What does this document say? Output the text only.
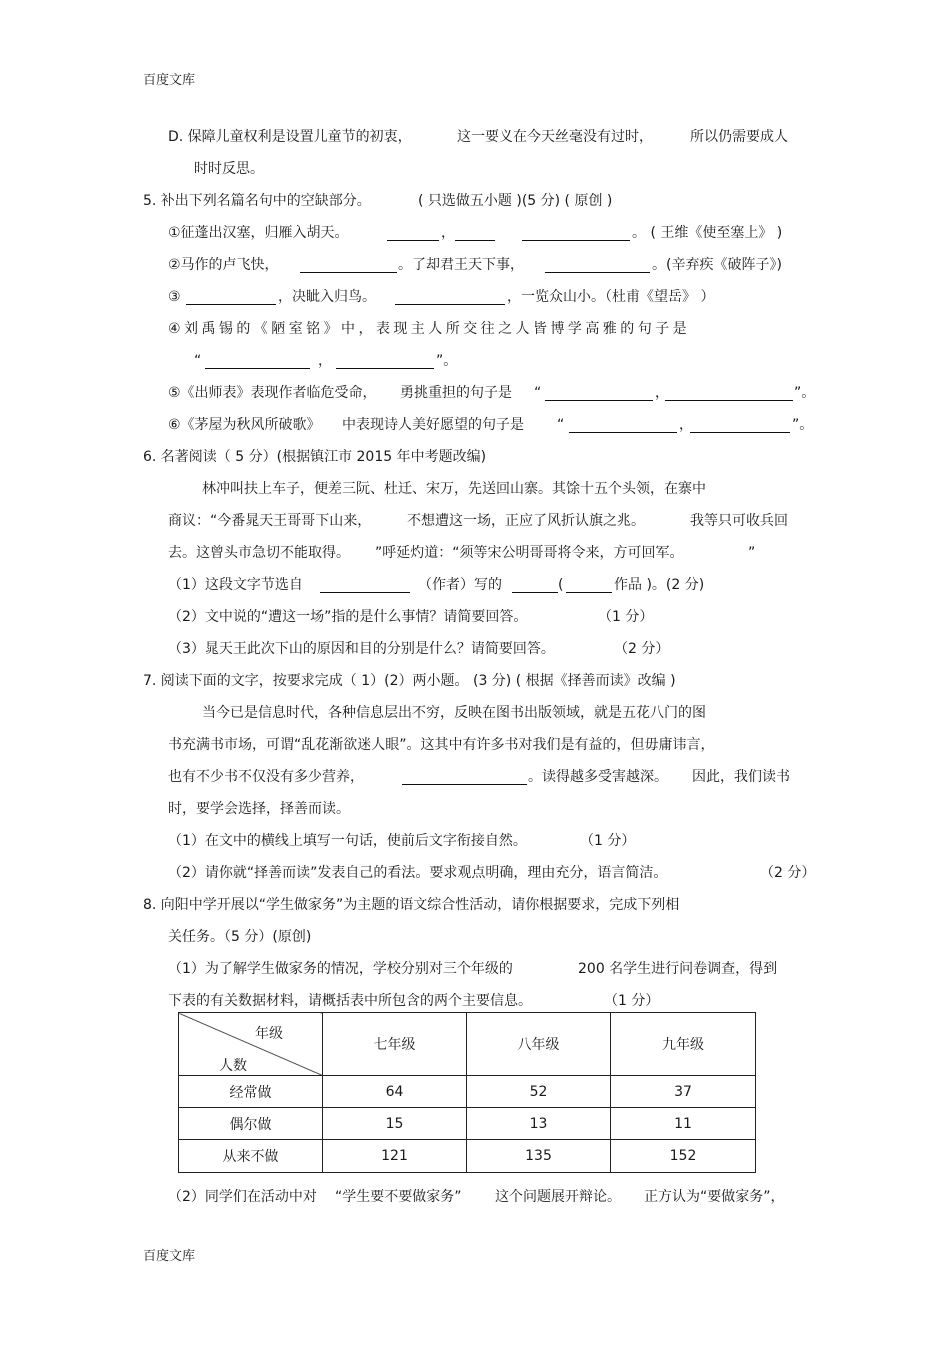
百度文库
D. 保障儿童权利是设置儿童节的初衷，	这一要义在今天丝毫没有过时，	所以仍需要成人
时时反思。
5. 补出下列名篇名句中的空缺部分。	( 只选做五小题 )(5 分) ( 原创 )
①征蓬出汉塞，归雁入胡天。	，	。 ( 王维《使至塞上》 )
②马作的卢飞快，	。了却君王天下事，	。(辛弃疾《破阵子》)
③	，决眦入归鸟。	，一览众山小。（杜甫《望岳》 ）
④ 刘 禹 锡 的 《 陋 室 铭 》 中 ， 表 现 主 人 所 交 往 之 人 皆 博 学 高 雅 的 句 子 是
“	，	”。
⑤《出师表》表现作者临危受命， 勇挑重担的句子是 “	，	”。
⑥《茅屋为秋风所破歌》 中表现诗人美好愿望的句子是 “	，	”。
6. 名著阅读（ 5 分）(根据镇江市 2015 年中考题改编)
林冲叫扶上车子，便差三阮、杜迁、宋万，先送回山寨。其馀十五个头领，在寨中
商议：“今番晁天王哥哥下山来，	不想遭这一场，正应了风折认旗之兆。	我等只可收兵回
去。这曾头市急切不能取得。 ”呼延灼道：“须等宋公明哥哥将令来，方可回军。	”
（1）这段文字节选自	（作者）写的	(	作品 )。(2 分)
（2）文中说的“遭这一场”指的是什么事情？请简要回答。	（1 分）
（3）晁天王此次下山的原因和目的分别是什么？请简要回答。	（2 分）
7. 阅读下面的文字，按要求完成（ 1）(2）两小题。 (3 分) ( 根据《择善而读》改编 )
当今已是信息时代，各种信息层出不穷，反映在图书出版领域，就是五花八门的图
书充满书市场，可谓“乱花渐欲迷人眼”。这其中有许多书对我们是有益的，但毋庸讳言，
也有不少书不仅没有多少营养，	。读得越多受害越深。 因此，我们读书
时，要学会选择，择善而读。
（1）在文中的横线上填写一句话，使前后文字衔接自然。	（1 分）
（2）请你就“择善而读”发表自己的看法。要求观点明确，理由充分，语言简洁。	（2 分）
8. 向阳中学开展以“学生做家务”为主题的语文综合性活动，请你根据要求，完成下列相
关任务。（5 分）(原创)
（1）为了解学生做家务的情况，学校分别对三个年级的	200 名学生进行问卷调查，得到
下表的有关数据材料，请概括表中所包含的两个主要信息。	（1 分）
年级
人数	七年级	八年级	九年级
经常做	64	52	37
偶尔做	15	13	11
从来不做	121	135	152
（2）同学们在活动中对 “学生要不要做家务” 这个问题展开辩论。 正方认为“要做家务”，
百度文库
